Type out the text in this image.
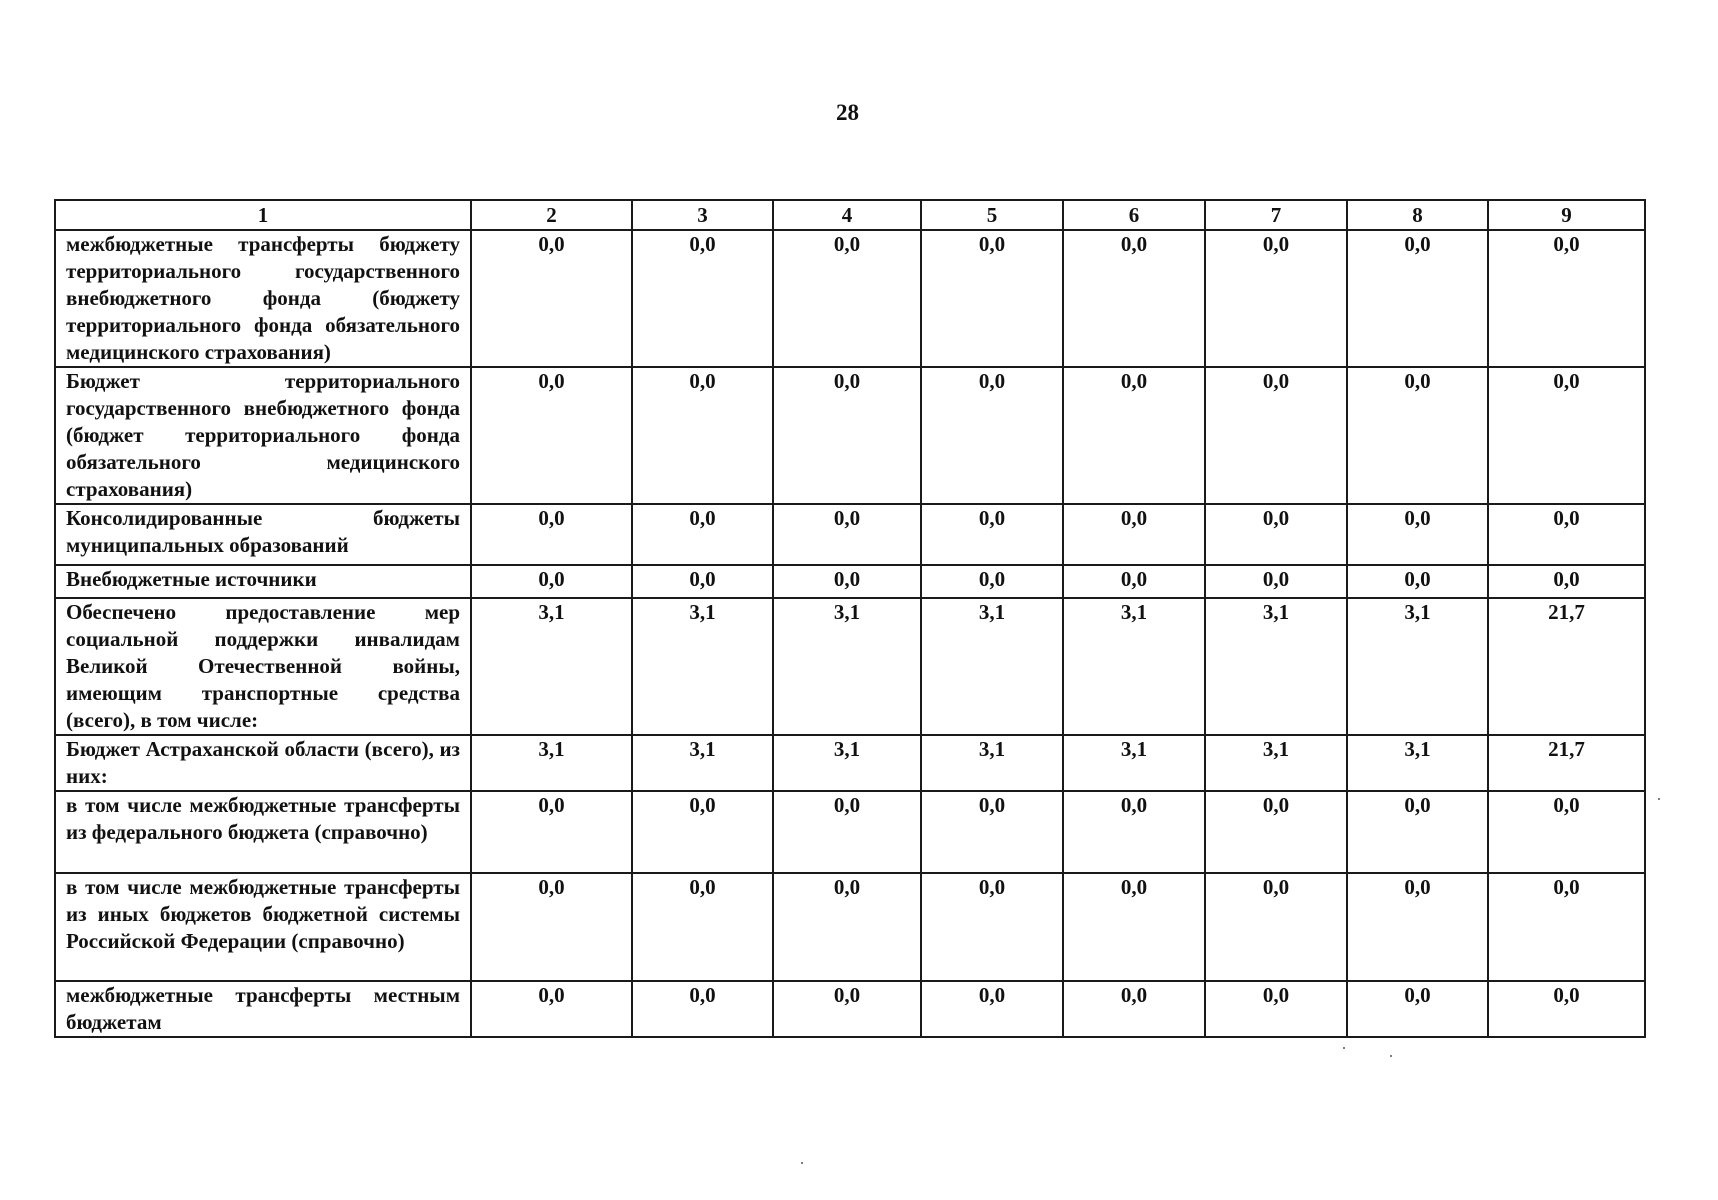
28
1	2	3	4	5	6	7	8	9
межбюджетные трансферты бюджету территориального государственного внебюджетного фонда (бюджету территориального фонда обязательного медицинского страхования)	0,0	0,0	0,0	0,0	0,0	0,0	0,0	0,0
Бюджет территориального государственного внебюджетного фонда (бюджет территориального фонда обязательного медицинского страхования)	0,0	0,0	0,0	0,0	0,0	0,0	0,0	0,0
Консолидированные бюджеты муниципальных образований	0,0	0,0	0,0	0,0	0,0	0,0	0,0	0,0
Внебюджетные источники	0,0	0,0	0,0	0,0	0,0	0,0	0,0	0,0
Обеспечено предоставление мер социальной поддержки инвалидам Великой Отечественной войны, имеющим транспортные средства (всего), в том числе:	3,1	3,1	3,1	3,1	3,1	3,1	3,1	21,7
Бюджет Астраханской области (всего), из них:	3,1	3,1	3,1	3,1	3,1	3,1	3,1	21,7
в том числе межбюджетные трансферты из федерального бюджета (справочно)	0,0	0,0	0,0	0,0	0,0	0,0	0,0	0,0
в том числе межбюджетные трансферты из иных бюджетов бюджетной системы Российской Федерации (справочно)	0,0	0,0	0,0	0,0	0,0	0,0	0,0	0,0
межбюджетные трансферты местным бюджетам	0,0	0,0	0,0	0,0	0,0	0,0	0,0	0,0
